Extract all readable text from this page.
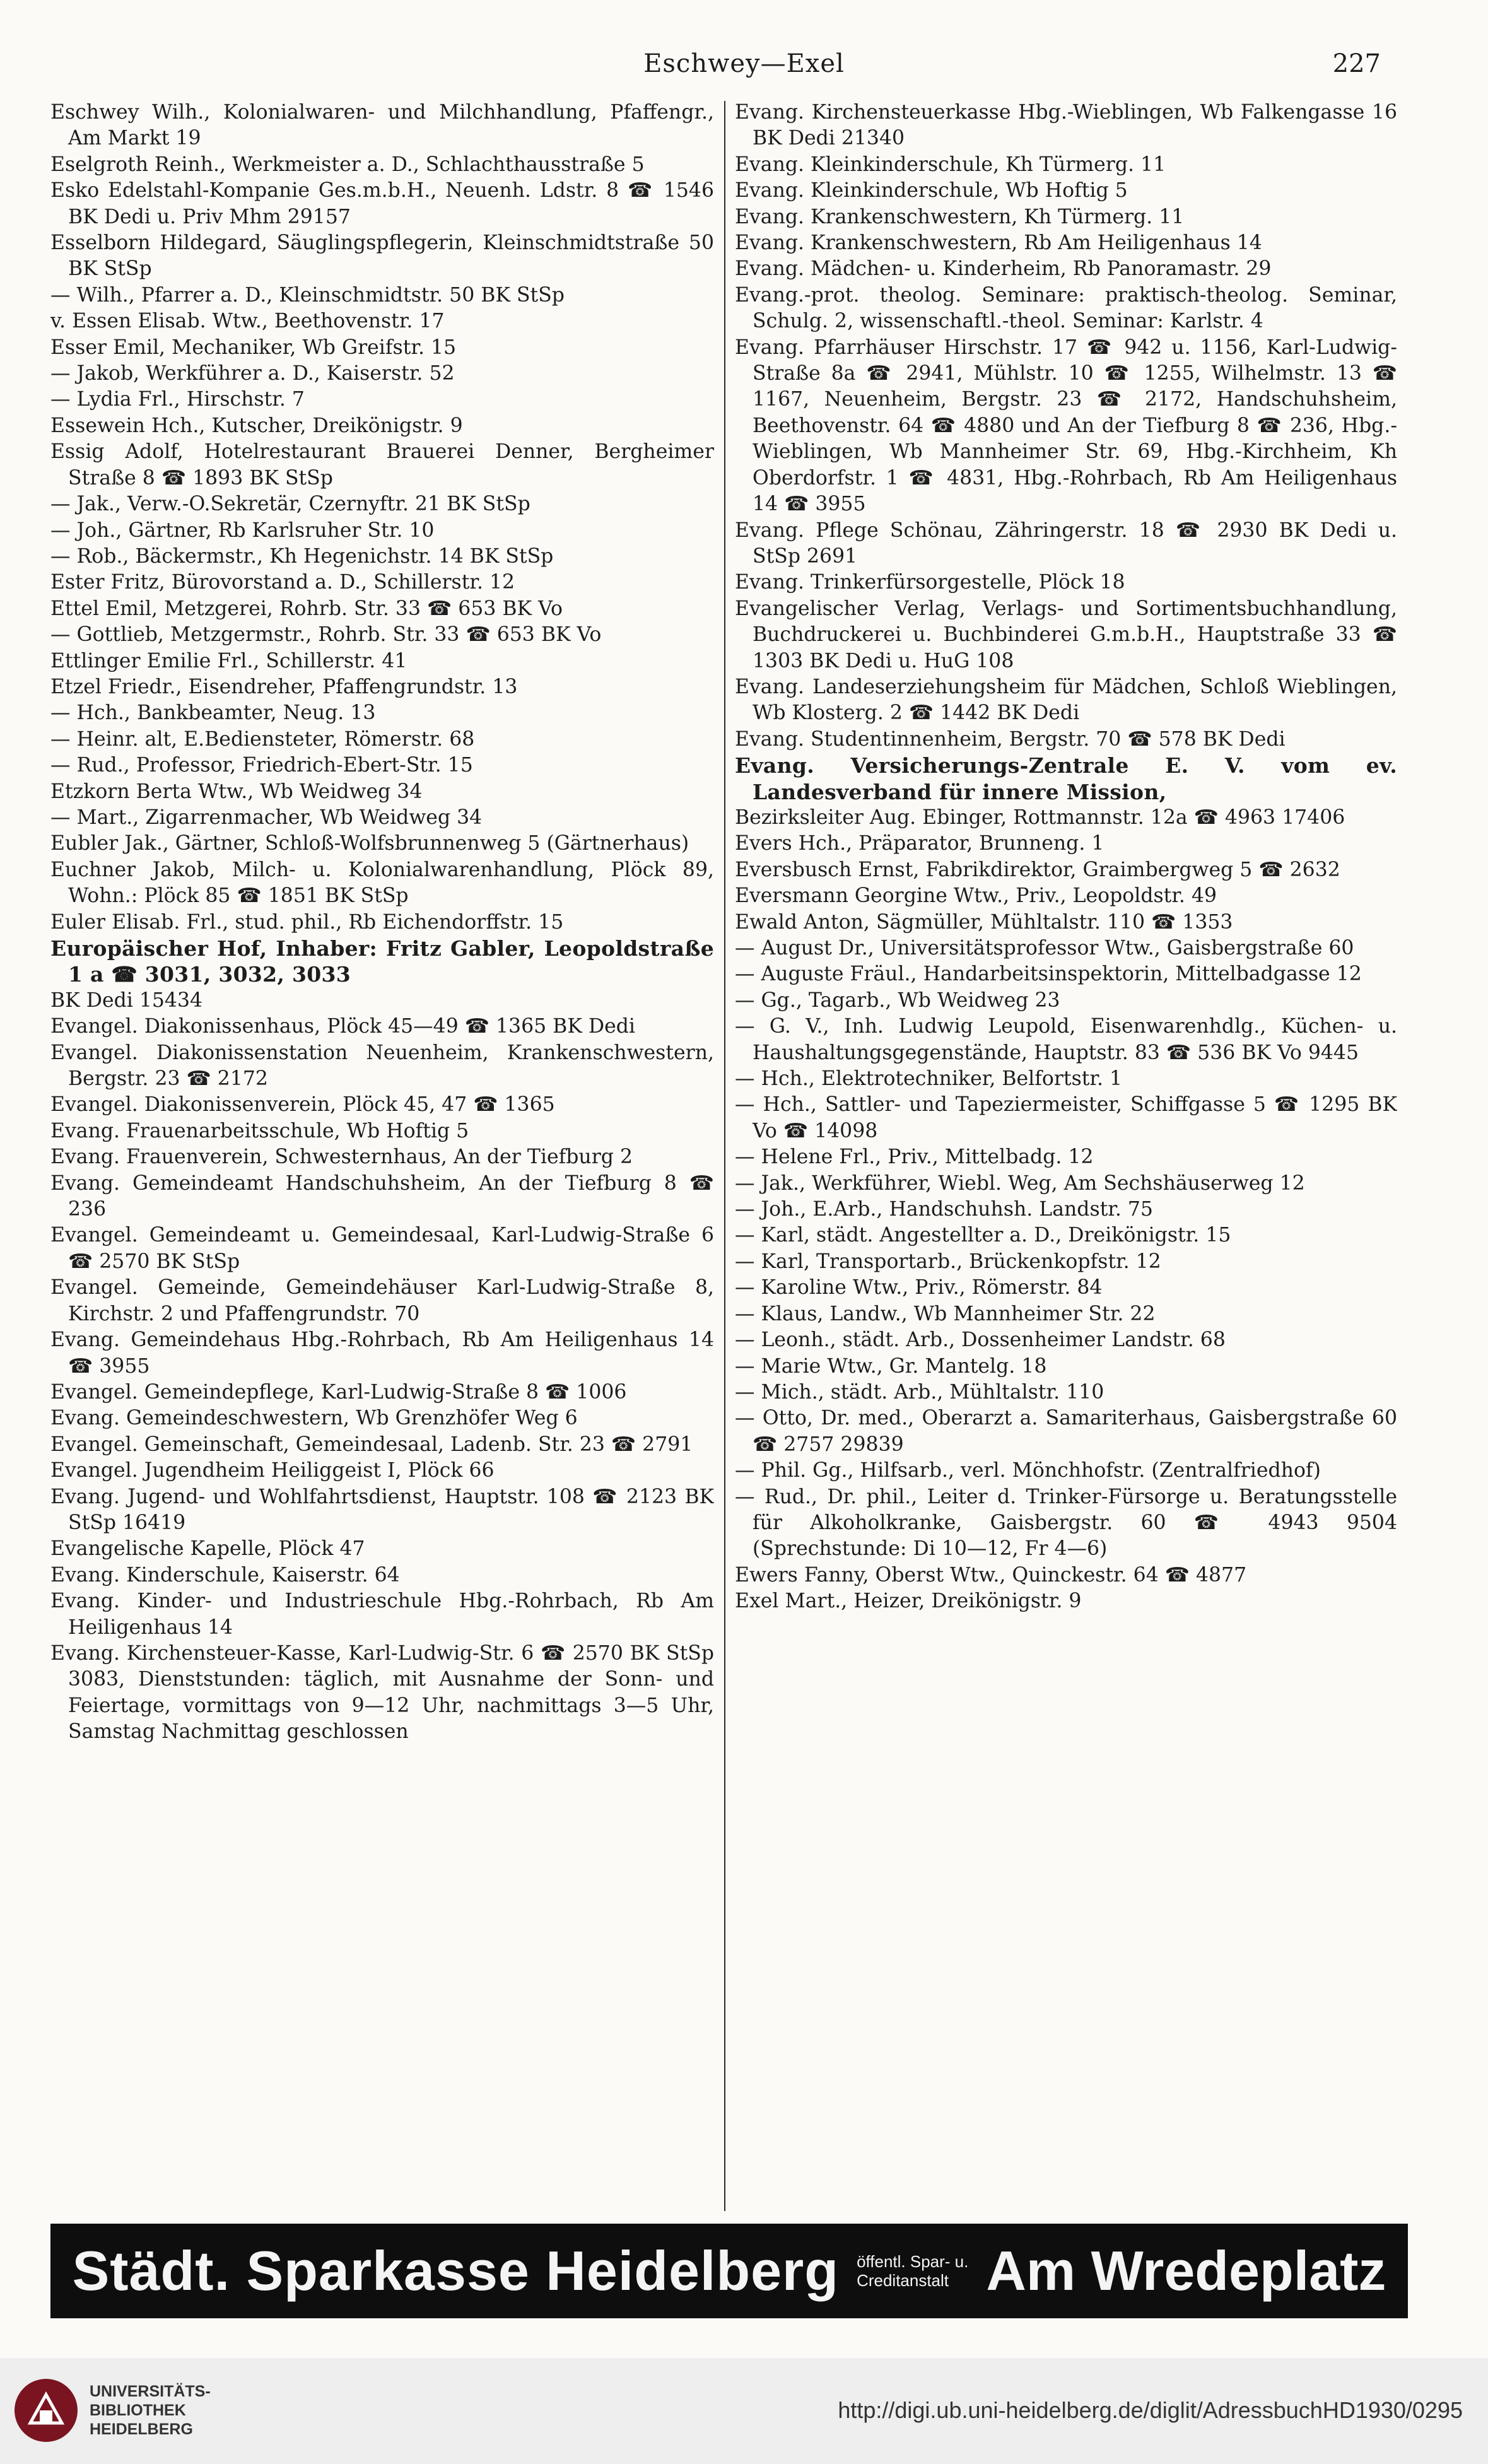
Eschwey—Exel	227
Eschwey Wilh., Kolonialwaren- und Milchhandlung, Pfaffengr., Am Markt 19
Eselgroth Reinh., Werkmeister a. D., Schlachthausstraße 5
Esko Edelstahl-Kompanie Ges.m.b.H., Neuenh. Ldstr. 8 ☎ 1546 BK Dedi u. Priv Mhm 29157
Esselborn Hildegard, Säuglingspflegerin, Kleinschmidtstraße 50 BK StSp
— Wilh., Pfarrer a. D., Kleinschmidtstr. 50 BK StSp
v. Essen Elisab. Wtw., Beethovenstr. 17
Esser Emil, Mechaniker, Wb Greifstr. 15
— Jakob, Werkführer a. D., Kaiserstr. 52
— Lydia Frl., Hirschstr. 7
Essewein Hch., Kutscher, Dreikönigstr. 9
Essig Adolf, Hotelrestaurant Brauerei Denner, Bergheimer Straße 8 ☎ 1893 BK StSp
— Jak., Verw.-O.Sekretär, Czernyftr. 21 BK StSp
— Joh., Gärtner, Rb Karlsruher Str. 10
— Rob., Bäckermstr., Kh Hegenichstr. 14 BK StSp
Ester Fritz, Bürovorstand a. D., Schillerstr. 12
Ettel Emil, Metzgerei, Rohrb. Str. 33 ☎ 653 BK Vo
— Gottlieb, Metzgermstr., Rohrb. Str. 33 ☎ 653 BK Vo
Ettlinger Emilie Frl., Schillerstr. 41
Etzel Friedr., Eisendreher, Pfaffengrundstr. 13
— Hch., Bankbeamter, Neug. 13
— Heinr. alt, E.Bediensteter, Römerstr. 68
— Rud., Professor, Friedrich-Ebert-Str. 15
Etzkorn Berta Wtw., Wb Weidweg 34
— Mart., Zigarrenmacher, Wb Weidweg 34
Eubler Jak., Gärtner, Schloß-Wolfsbrunnenweg 5 (Gärtnerhaus)
Euchner Jakob, Milch- u. Kolonialwarenhandlung, Plöck 89, Wohn.: Plöck 85 ☎ 1851 BK StSp
Euler Elisab. Frl., stud. phil., Rb Eichendorffstr. 15
Europäischer Hof, Inhaber: Fritz Gabler, Leopoldstraße 1 a ☎ 3031, 3032, 3033
BK Dedi 15434
Evangel. Diakonissenhaus, Plöck 45—49 ☎ 1365 BK Dedi
Evangel. Diakonissenstation Neuenheim, Krankenschwestern, Bergstr. 23 ☎ 2172
Evangel. Diakonissenverein, Plöck 45, 47 ☎ 1365
Evang. Frauenarbeitsschule, Wb Hoftig 5
Evang. Frauenverein, Schwesternhaus, An der Tiefburg 2
Evang. Gemeindeamt Handschuhsheim, An der Tiefburg 8 ☎ 236
Evangel. Gemeindeamt u. Gemeindesaal, Karl-Ludwig-Straße 6 ☎ 2570 BK StSp
Evangel. Gemeinde, Gemeindehäuser Karl-Ludwig-Straße 8, Kirchstr. 2 und Pfaffengrundstr. 70
Evang. Gemeindehaus Hbg.-Rohrbach, Rb Am Heiligenhaus 14 ☎ 3955
Evangel. Gemeindepflege, Karl-Ludwig-Straße 8 ☎ 1006
Evang. Gemeindeschwestern, Wb Grenzhöfer Weg 6
Evangel. Gemeinschaft, Gemeindesaal, Ladenb. Str. 23 ☎ 2791
Evangel. Jugendheim Heiliggeist I, Plöck 66
Evang. Jugend- und Wohlfahrtsdienst, Hauptstr. 108 ☎ 2123 BK StSp 16419
Evangelische Kapelle, Plöck 47
Evang. Kinderschule, Kaiserstr. 64
Evang. Kinder- und Industrieschule Hbg.-Rohrbach, Rb Am Heiligenhaus 14
Evang. Kirchensteuer-Kasse, Karl-Ludwig-Str. 6 ☎ 2570 BK StSp 3083, Dienststunden: täglich, mit Ausnahme der Sonn- und Feiertage, vormittags von 9—12 Uhr, nachmittags 3—5 Uhr, Samstag Nachmittag geschlossen
Evang. Kirchensteuerkasse Hbg.-Wieblingen, Wb Falkengasse 16 BK Dedi 21340
Evang. Kleinkinderschule, Kh Türmerg. 11
Evang. Kleinkinderschule, Wb Hoftig 5
Evang. Krankenschwestern, Kh Türmerg. 11
Evang. Krankenschwestern, Rb Am Heiligenhaus 14
Evang. Mädchen- u. Kinderheim, Rb Panoramastr. 29
Evang.-prot. theolog. Seminare: praktisch-theolog. Seminar, Schulg. 2, wissenschaftl.-theol. Seminar: Karlstr. 4
Evang. Pfarrhäuser Hirschstr. 17 ☎ 942 u. 1156, Karl-Ludwig-Straße 8a ☎ 2941, Mühlstr. 10 ☎ 1255, Wilhelmstr. 13 ☎ 1167, Neuenheim, Bergstr. 23 ☎ 2172, Handschuhsheim, Beethovenstr. 64 ☎ 4880 und An der Tiefburg 8 ☎ 236, Hbg.-Wieblingen, Wb Mannheimer Str. 69, Hbg.-Kirchheim, Kh Oberdorfstr. 1 ☎ 4831, Hbg.-Rohrbach, Rb Am Heiligenhaus 14 ☎ 3955
Evang. Pflege Schönau, Zähringerstr. 18 ☎ 2930 BK Dedi u. StSp 2691
Evang. Trinkerfürsorgestelle, Plöck 18
Evangelischer Verlag, Verlags- und Sortimentsbuchhandlung, Buchdruckerei u. Buchbinderei G.m.b.H., Hauptstraße 33 ☎ 1303 BK Dedi u. HuG 108
Evang. Landeserziehungsheim für Mädchen, Schloß Wieblingen, Wb Klosterg. 2 ☎ 1442 BK Dedi
Evang. Studentinnenheim, Bergstr. 70 ☎ 578 BK Dedi
Evang. Versicherungs-Zentrale E. V. vom ev. Landesverband für innere Mission,
Bezirksleiter Aug. Ebinger, Rottmannstr. 12a ☎ 4963 17406
Evers Hch., Präparator, Brunneng. 1
Eversbusch Ernst, Fabrikdirektor, Graimbergweg 5 ☎ 2632
Eversmann Georgine Wtw., Priv., Leopoldstr. 49
Ewald Anton, Sägmüller, Mühltalstr. 110 ☎ 1353
— August Dr., Universitätsprofessor Wtw., Gaisbergstraße 60
— Auguste Fräul., Handarbeitsinspektorin, Mittelbadgasse 12
— Gg., Tagarb., Wb Weidweg 23
— G. V., Inh. Ludwig Leupold, Eisenwarenhdlg., Küchen- u. Haushaltungsgegenstände, Hauptstr. 83 ☎ 536 BK Vo 9445
— Hch., Elektrotechniker, Belfortstr. 1
— Hch., Sattler- und Tapeziermeister, Schiffgasse 5 ☎ 1295 BK Vo ☎ 14098
— Helene Frl., Priv., Mittelbadg. 12
— Jak., Werkführer, Wiebl. Weg, Am Sechshäuserweg 12
— Joh., E.Arb., Handschuhsh. Landstr. 75
— Karl, städt. Angestellter a. D., Dreikönigstr. 15
— Karl, Transportarb., Brückenkopfstr. 12
— Karoline Wtw., Priv., Römerstr. 84
— Klaus, Landw., Wb Mannheimer Str. 22
— Leonh., städt. Arb., Dossenheimer Landstr. 68
— Marie Wtw., Gr. Mantelg. 18
— Mich., städt. Arb., Mühltalstr. 110
— Otto, Dr. med., Oberarzt a. Samariterhaus, Gaisbergstraße 60 ☎ 2757 29839
— Phil. Gg., Hilfsarb., verl. Mönchhofstr. (Zentralfriedhof)
— Rud., Dr. phil., Leiter d. Trinker-Fürsorge u. Beratungsstelle für Alkoholkranke, Gaisbergstr. 60 ☎ 4943 9504 (Sprechstunde: Di 10—12, Fr 4—6)
Ewers Fanny, Oberst Wtw., Quinckestr. 64 ☎ 4877
Exel Mart., Heizer, Dreikönigstr. 9
Städt. Sparkasse Heidelberg öffentl. Spar- u.
Creditanstalt Am Wredeplatz
UNIVERSITÄTS-
BIBLIOTHEK
HEIDELBERG
http://digi.ub.uni-heidelberg.de/diglit/AdressbuchHD1930/0295
